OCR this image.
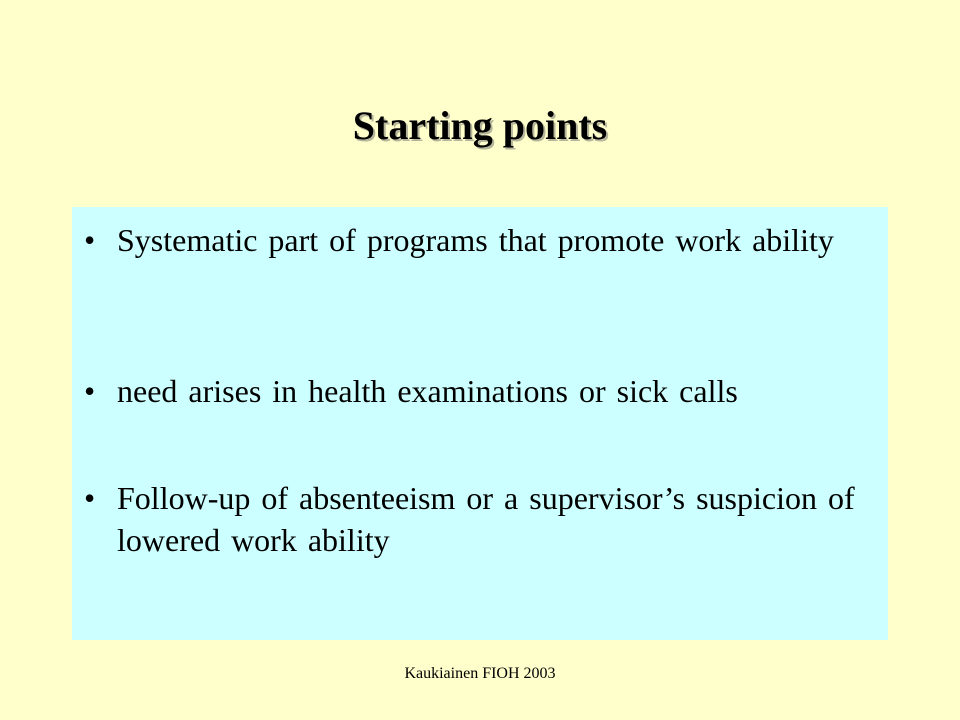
Starting points
• Systematic part of programs that promote work ability
• need arises in health examinations or sick calls
• Follow-up of absenteeism or a supervisor’s suspicion of lowered work ability
Kaukiainen FIOH 2003
